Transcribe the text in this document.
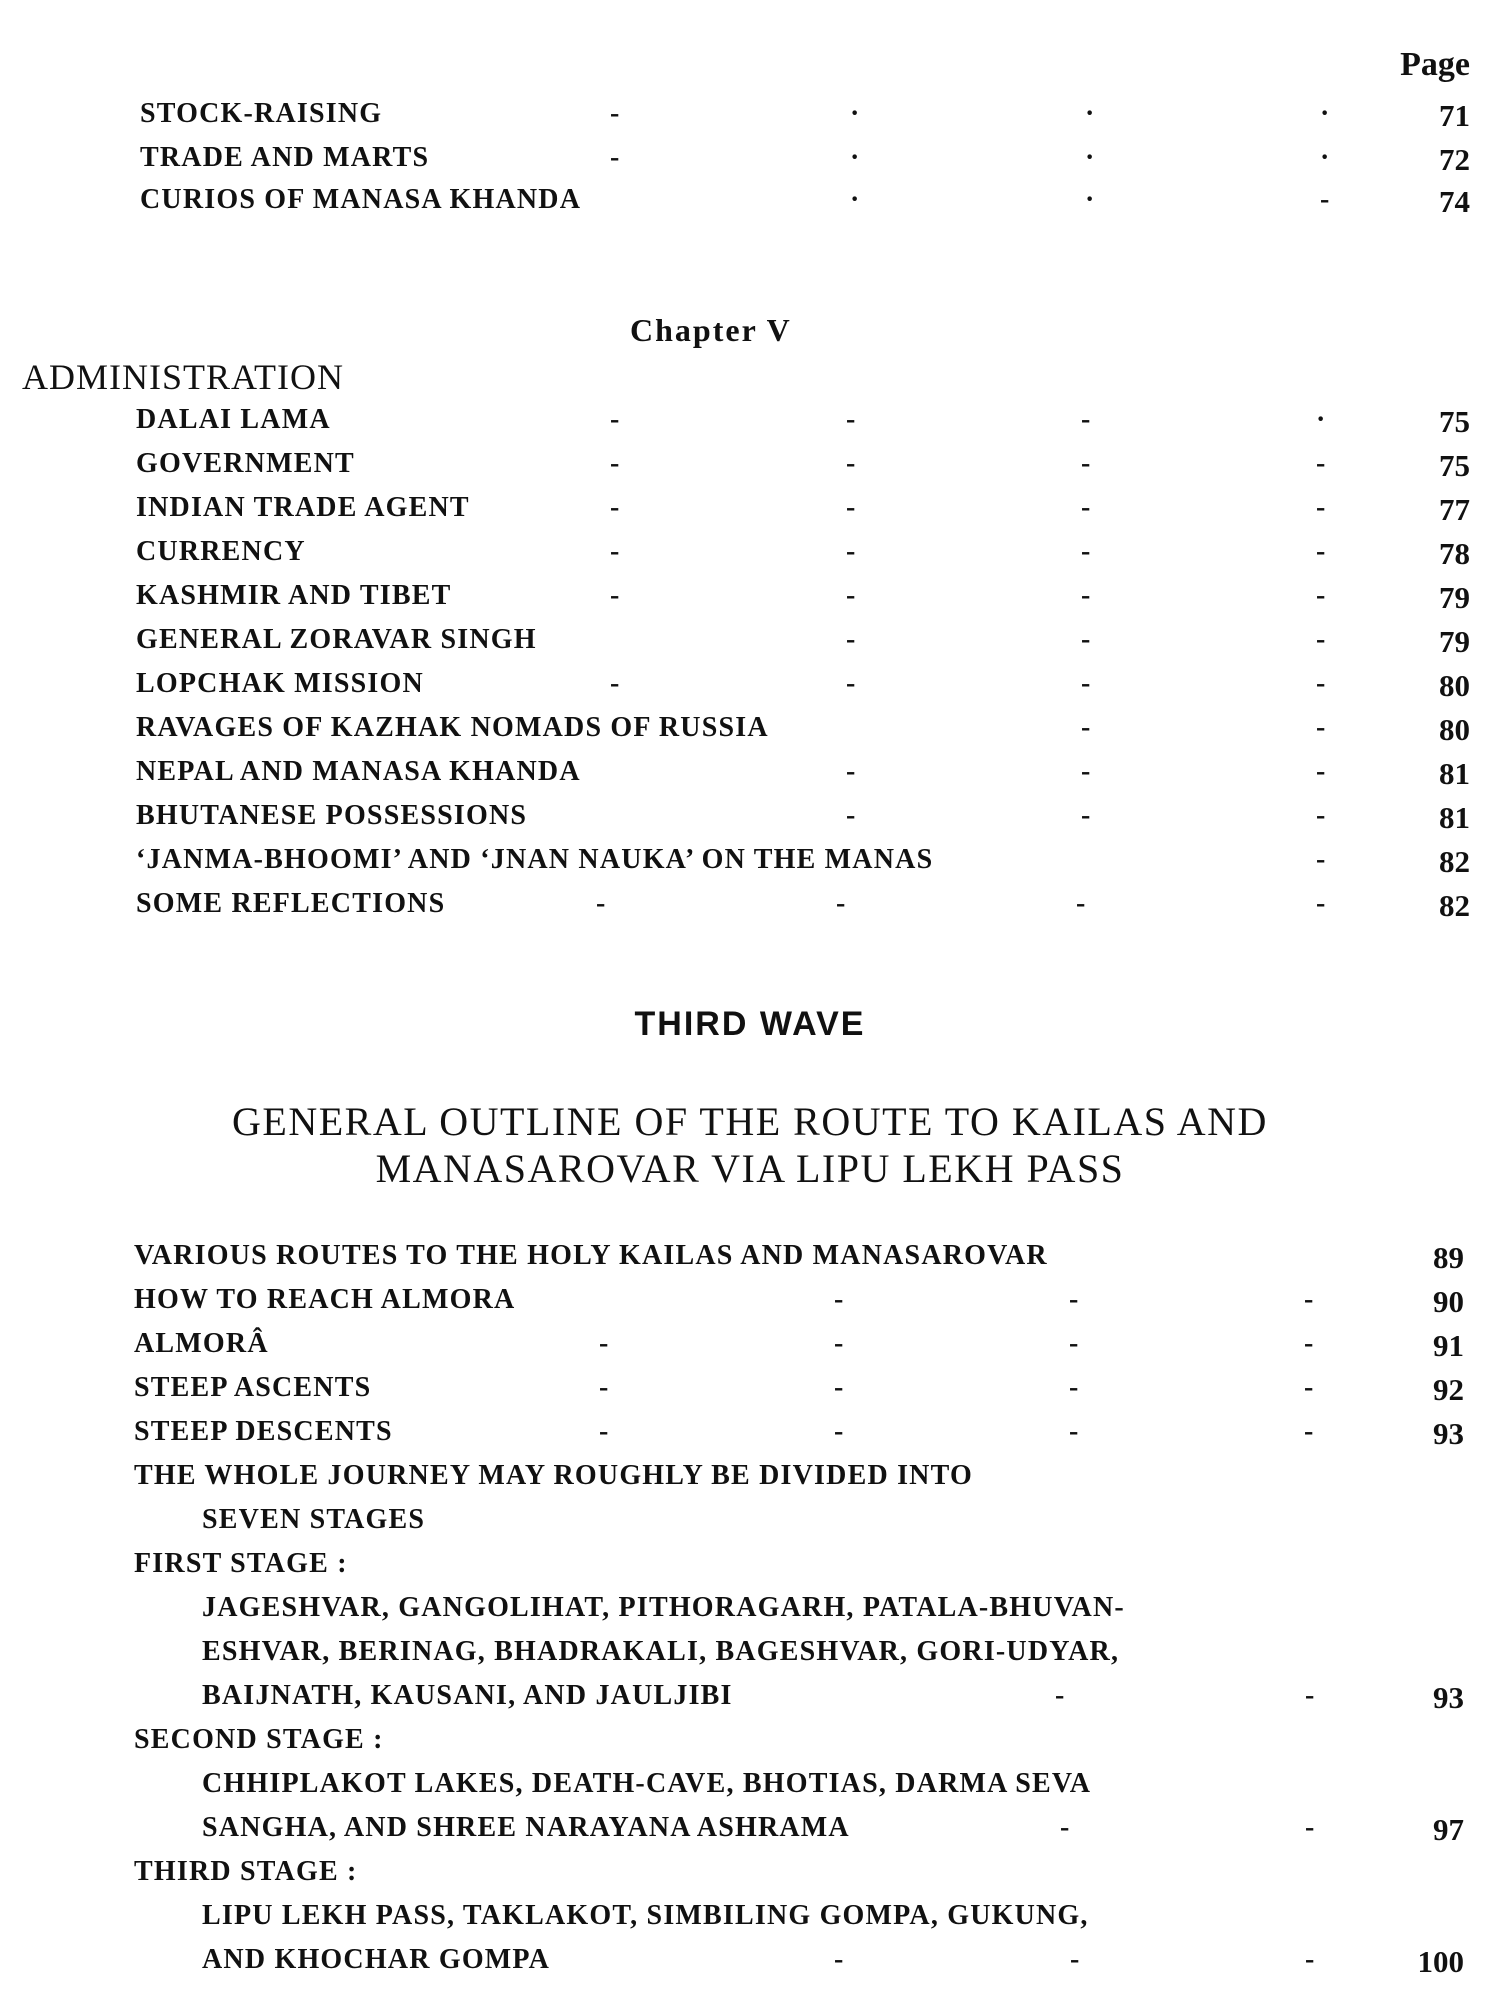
Page
STOCK-RAISING	-	·	·	·	71
TRADE AND MARTS	-	·	·	·	72
CURIOS OF MANASA KHANDA	·	·	-	74
Chapter V
ADMINISTRATION
DALAI LAMA	-	-	-	·	75
GOVERNMENT	-	-	-	-	75
INDIAN TRADE AGENT	-	-	-	-	77
CURRENCY	-	-	-	-	78
KASHMIR AND TIBET	-	-	-	-	79
GENERAL ZORAVAR SINGH	-	-	-	79
LOPCHAK MISSION	-	-	-	-	80
RAVAGES OF KAZHAK NOMADS OF RUSSIA	-	-	80
NEPAL AND MANASA KHANDA	-	-	-	81
BHUTANESE POSSESSIONS	-	-	-	81
‘JANMA-BHOOMI’ AND ‘JNAN NAUKA’ ON THE MANAS	-	82
SOME REFLECTIONS	-	-	-	-	82
THIRD WAVE
GENERAL OUTLINE OF THE ROUTE TO KAILAS AND
MANASAROVAR VIA LIPU LEKH PASS
VARIOUS ROUTES TO THE HOLY KAILAS AND MANASAROVAR	89
HOW TO REACH ALMORA	-	-	-	90
ALMORÂ	-	-	-	-	91
STEEP ASCENTS	-	-	-	-	92
STEEP DESCENTS	-	-	-	-	93
THE WHOLE JOURNEY MAY ROUGHLY BE DIVIDED INTO
SEVEN STAGES
FIRST STAGE :
JAGESHVAR, GANGOLIHAT, PITHORAGARH, PATALA-BHUVAN-
ESHVAR, BERINAG, BHADRAKALI, BAGESHVAR, GORI-UDYAR,
BAIJNATH, KAUSANI, AND JAULJIBI	-	-	93
SECOND STAGE :
CHHIPLAKOT LAKES, DEATH-CAVE, BHOTIAS, DARMA SEVA
SANGHA, AND SHREE NARAYANA ASHRAMA	-	-	97
THIRD STAGE :
LIPU LEKH PASS, TAKLAKOT, SIMBILING GOMPA, GUKUNG,
AND KHOCHAR GOMPA	-	-	-	100
